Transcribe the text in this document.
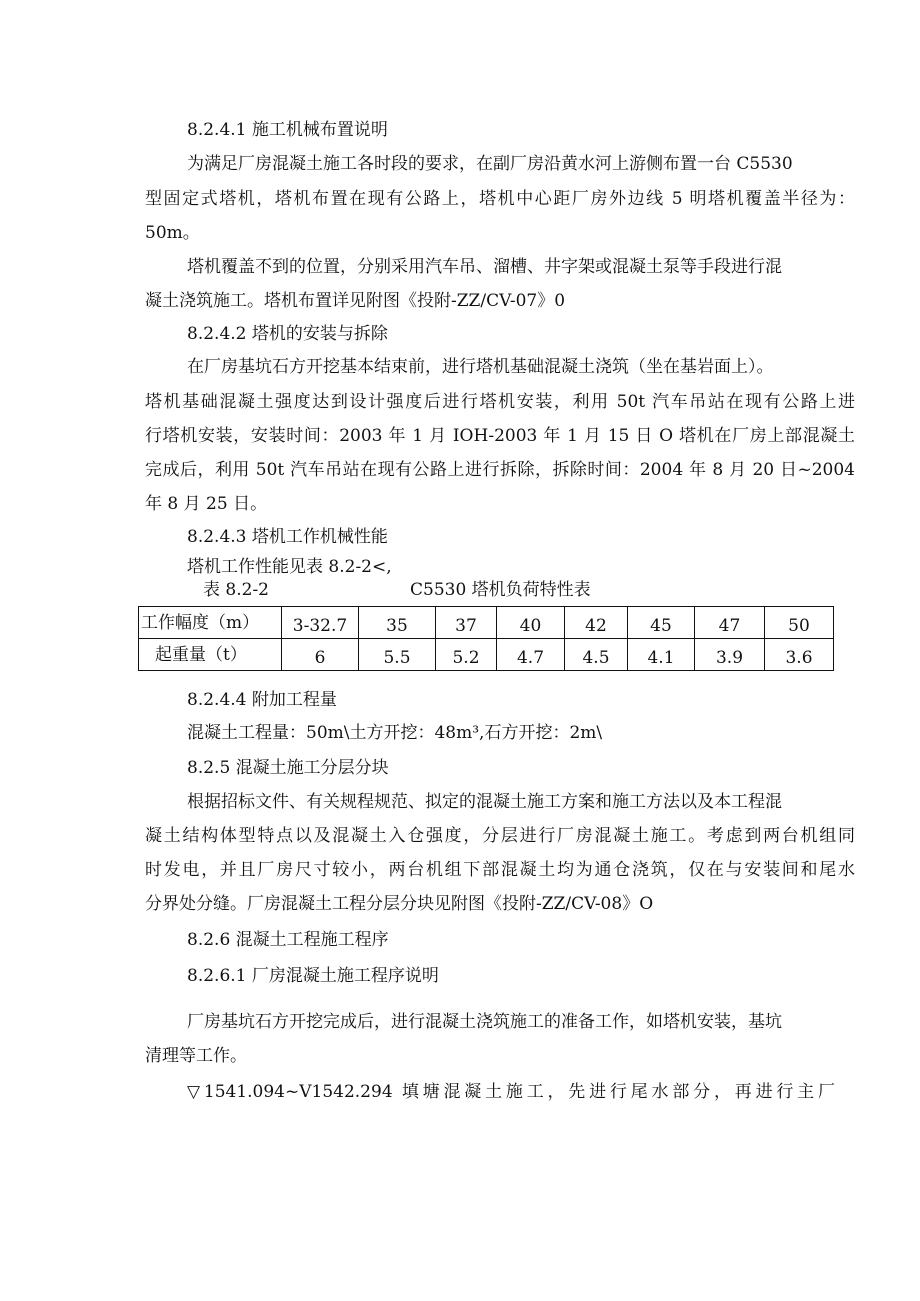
8.2.4.1 施工机械布置说明
为满足厂房混凝土施工各时段的要求，在副厂房沿黄水河上游侧布置一台 C5530
型固定式塔机，塔机布置在现有公路上，塔机中心距厂房外边线 5 明塔机覆盖半径为：
50m。
塔机覆盖不到的位置，分别采用汽车吊、溜槽、井字架或混凝土泵等手段进行混
凝土浇筑施工。塔机布置详见附图《投附-ZZ/CV-07》0
8.2.4.2 塔机的安装与拆除
在厂房基坑石方开挖基本结束前，进行塔机基础混凝土浇筑（坐在基岩面上）。
塔机基础混凝土强度达到设计强度后进行塔机安装，利用 50t 汽车吊站在现有公路上进
行塔机安装，安装时间：2003 年 1 月 IOH-2003 年 1 月 15 日 O 塔机在厂房上部混凝土
完成后，利用 50t 汽车吊站在现有公路上进行拆除，拆除时间：2004 年 8 月 20 日~2004
年 8 月 25 日。
8.2.4.3 塔机工作机械性能
塔机工作性能见表 8.2-2<,
表 8.2-2	C5530 塔机负荷特性表
工作幅度（m）	3-32.7	35	37	40	42	45	47	50
起重量（t）	6	5.5	5.2	4.7	4.5	4.1	3.9	3.6
8.2.4.4 附加工程量
混凝土工程量：50m\土方开挖：48m³,石方开挖：2m\
8.2.5 混凝土施工分层分块
根据招标文件、有关规程规范、拟定的混凝土施工方案和施工方法以及本工程混
凝土结构体型特点以及混凝土入仓强度，分层进行厂房混凝土施工。考虑到两台机组同
时发电，并且厂房尺寸较小，两台机组下部混凝土均为通仓浇筑，仅在与安装间和尾水
分界处分缝。厂房混凝土工程分层分块见附图《投附-ZZ/CV-08》O
8.2.6 混凝土工程施工程序
8.2.6.1 厂房混凝土施工程序说明
厂房基坑石方开挖完成后，进行混凝土浇筑施工的准备工作，如塔机安装，基坑
清理等工作。
▽1541.094~V1542.294 填塘混凝土施工，先进行尾水部分，再进行主厂
